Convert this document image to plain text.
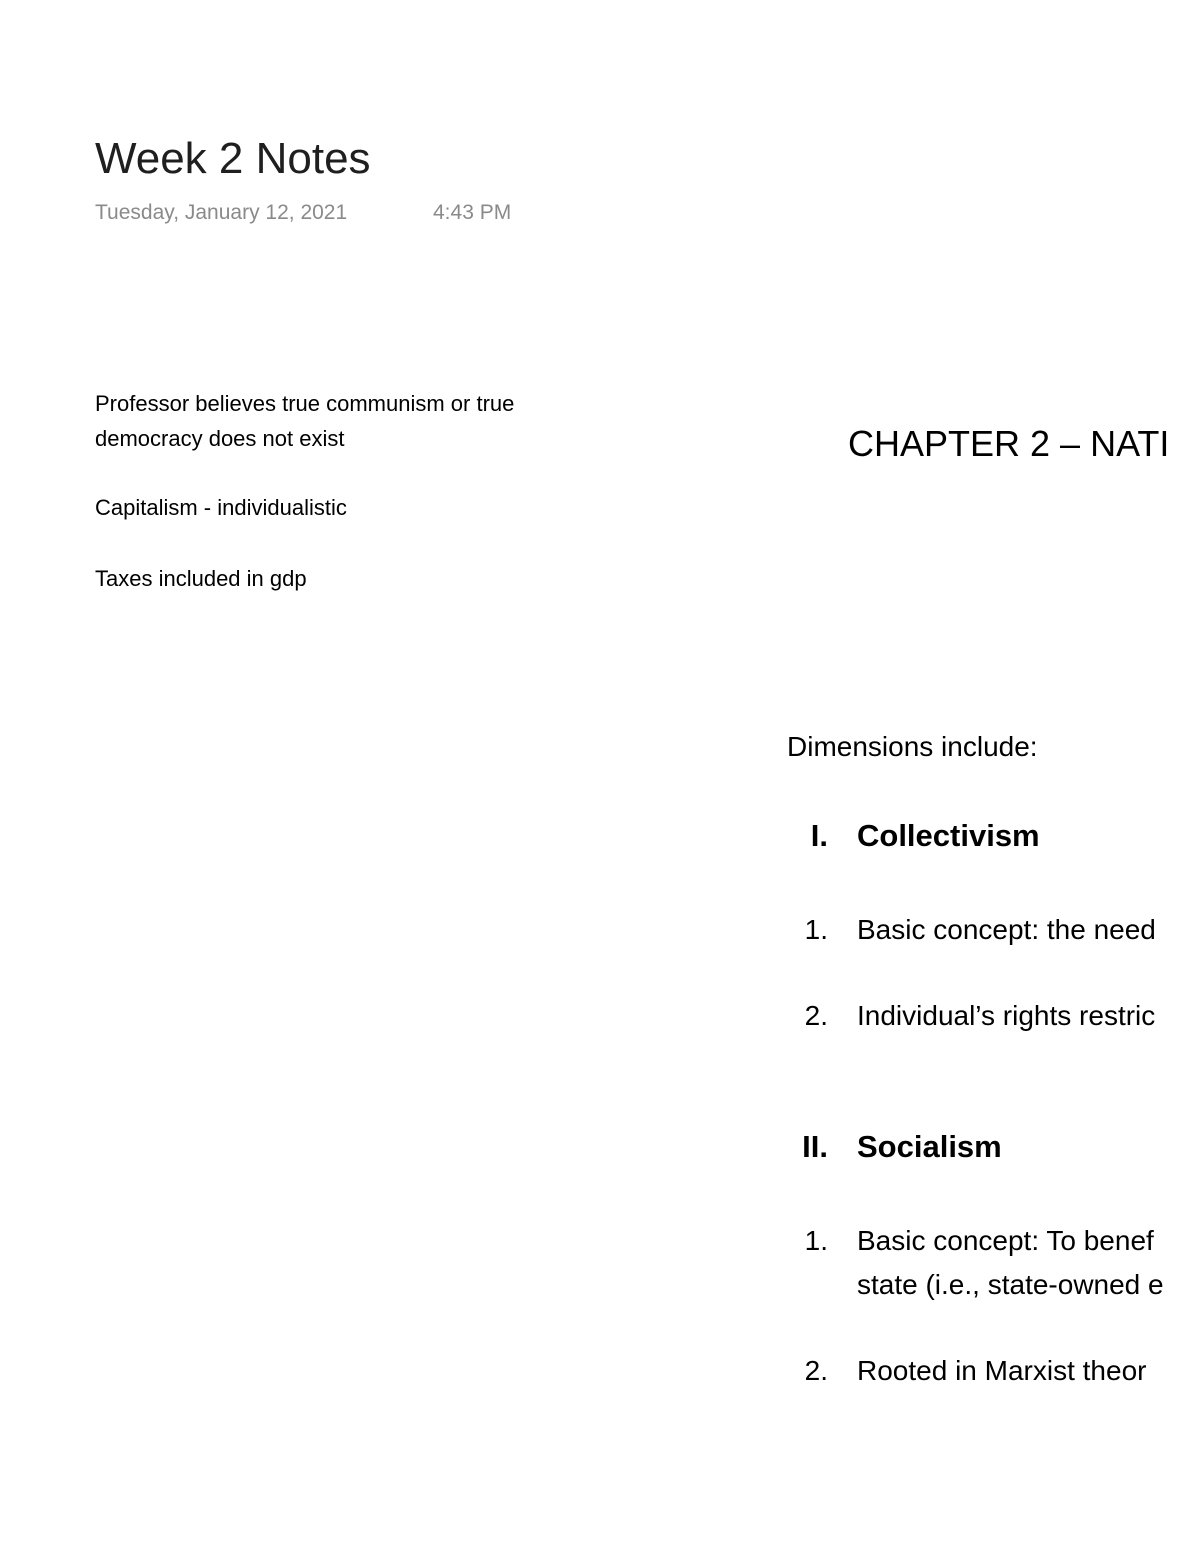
Week 2 Notes
Tuesday, January 12, 2021	4:43 PM
Professor believes true communism or true
democracy does not exist
Capitalism - individualistic
Taxes included in gdp
CHAPTER 2 – NATI
Dimensions include:
I. Collectivism
1. Basic concept: the need
2. Individual’s rights restric
II. Socialism
1. Basic concept: To benef
state (i.e., state-owned e
2. Rooted in Marxist theor
